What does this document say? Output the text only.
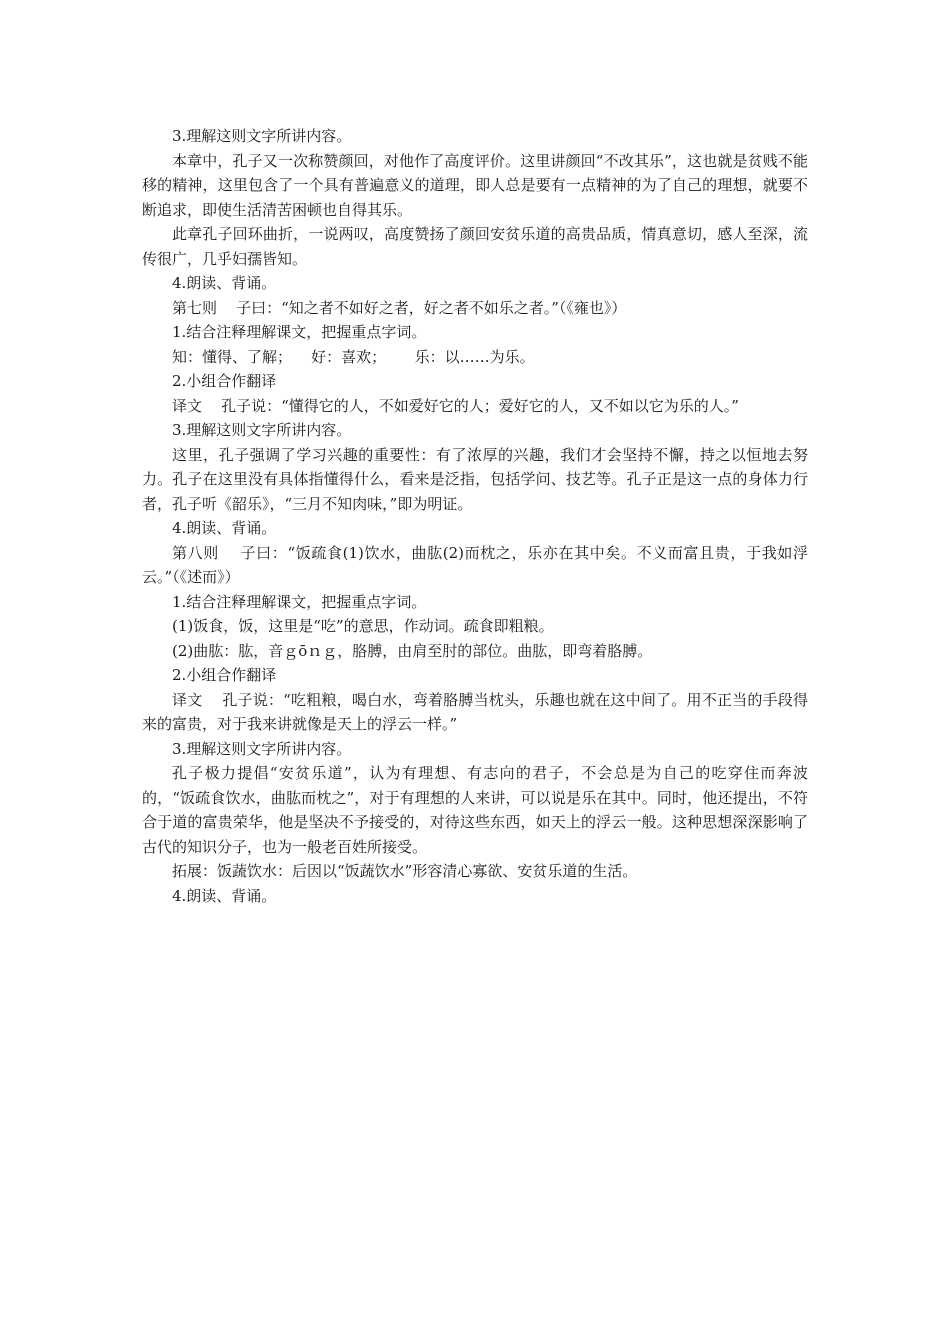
3.理解这则文字所讲内容。

本章中，孔子又一次称赞颜回，对他作了高度评价。这里讲颜回“不改其乐”，这也就是贫贱不能移的精神，这里包含了一个具有普遍意义的道理，即人总是要有一点精神的为了自己的理想，就要不断追求，即使生活清苦困顿也自得其乐。

此章孔子回环曲折，一说两叹，高度赞扬了颜回安贫乐道的高贵品质，情真意切，感人至深，流传很广，几乎妇孺皆知。

4.朗读、背诵。

第七则    子曰：“知之者不如好之者，好之者不如乐之者。”（《雍也》）

1.结合注释理解课文，把握重点字词。

知：懂得、了解；    好：喜欢；      乐：以……为乐。

2.小组合作翻译

译文    孔子说：“懂得它的人，不如爱好它的人；爱好它的人，又不如以它为乐的人。”

3.理解这则文字所讲内容。

这里，孔子强调了学习兴趣的重要性：有了浓厚的兴趣，我们才会坚持不懈，持之以恒地去努力。孔子在这里没有具体指懂得什么，看来是泛指，包括学问、技艺等。孔子正是这一点的身体力行者，孔子听《韶乐》，“三月不知肉味，”即为明证。

4.朗读、背诵。

第八则    子曰：“饭疏食(1)饮水，曲肱(2)而枕之，乐亦在其中矣。不义而富且贵，于我如浮云。”（《述而》）

1.结合注释理解课文，把握重点字词。

(1)饭食，饭，这里是“吃”的意思，作动词。疏食即粗粮。

(2)曲肱：肱，音ｇōｎｇ，胳膊，由肩至肘的部位。曲肱，即弯着胳膊。

2.小组合作翻译

译文    孔子说：“吃粗粮，喝白水，弯着胳膊当枕头，乐趣也就在这中间了。用不正当的手段得来的富贵，对于我来讲就像是天上的浮云一样。”

3.理解这则文字所讲内容。

孔子极力提倡“安贫乐道”，认为有理想、有志向的君子，不会总是为自己的吃穿住而奔波的，“饭疏食饮水，曲肱而枕之”，对于有理想的人来讲，可以说是乐在其中。同时，他还提出，不符合于道的富贵荣华，他是坚决不予接受的，对待这些东西，如天上的浮云一般。这种思想深深影响了古代的知识分子，也为一般老百姓所接受。

拓展：饭蔬饮水：后因以“饭蔬饮水”形容清心寡欲、安贫乐道的生活。

4.朗读、背诵。
